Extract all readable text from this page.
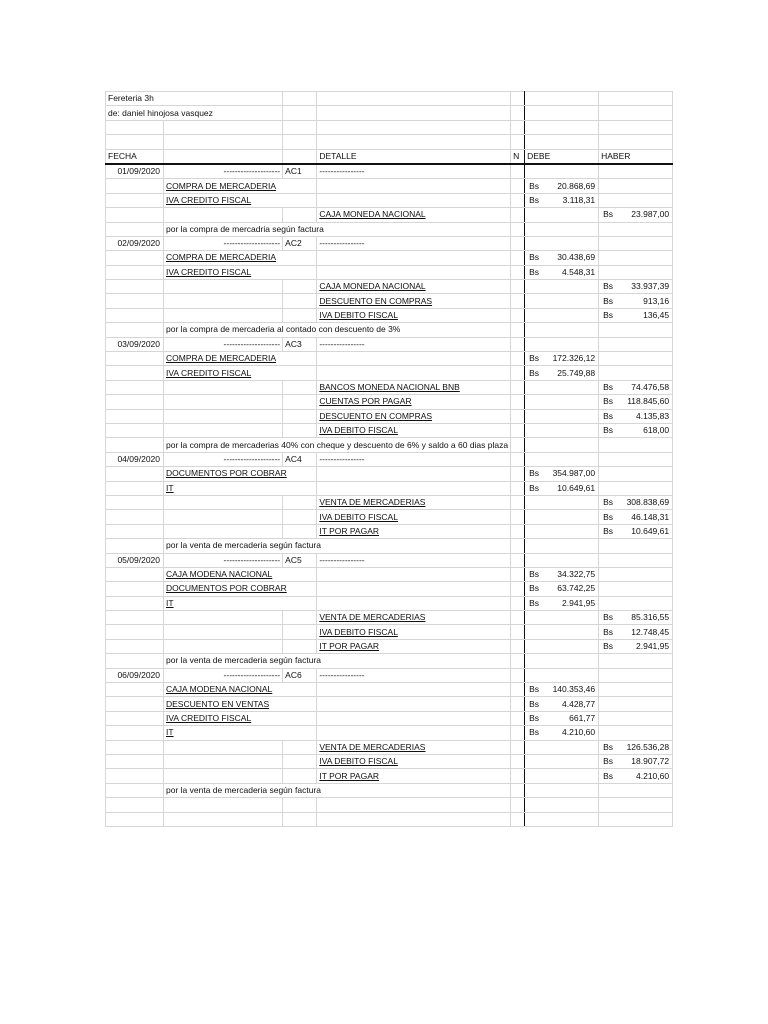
Fereteria 3h						
de: daniel hinojosa vasquez						

FECHA			DETALLE	N	DEBE	HABER
01/09/2020	--------------------	AC1	----------------			
	COMPRA DE MERCADERIA				Bs 20.868,69	
	IVA CREDITO FISCAL				Bs 3.118,31	
			CAJA MONEDA NACIONAL			Bs 23.987,00
	por la compra de mercadria según factura					
02/09/2020	--------------------	AC2	----------------			
	COMPRA DE MERCADERIA				Bs 30.438,69	
	IVA CREDITO FISCAL				Bs 4.548,31	
			CAJA MONEDA NACIONAL			Bs 33.937,39
			DESCUENTO EN COMPRAS			Bs 913,16
			IVA DEBITO FISCAL			Bs 136,45
	por la compra de mercaderia al contado con descuento de 3%					
03/09/2020	--------------------	AC3	----------------			
	COMPRA DE MERCADERIA				Bs 172.326,12	
	IVA CREDITO FISCAL				Bs 25.749,88	
			BANCOS MONEDA NACIONAL BNB			Bs 74.476,58
			CUENTAS POR PAGAR			Bs 118.845,60
			DESCUENTO EN COMPRAS			Bs 4.135,83
			IVA DEBITO FISCAL			Bs 618,00
	por la compra de mercaderias 40% con cheque y descuento de 6% y saldo a 60 dias plaza					
04/09/2020	--------------------	AC4	----------------			
	DOCUMENTOS POR COBRAR				Bs 354.987,00	
	IT				Bs 10.649,61	
			VENTA DE MERCADERIAS			Bs 308.838,69
			IVA DEBITO FISCAL			Bs 46.148,31
			IT POR PAGAR			Bs 10.649,61
	por la venta de mercaderia según factura					
05/09/2020	--------------------	AC5	----------------			
	CAJA MODENA NACIONAL				Bs 34.322,75	
	DOCUMENTOS POR COBRAR				Bs 63.742,25	
	IT				Bs 2.941,95	
			VENTA DE MERCADERIAS			Bs 85.316,55
			IVA DEBITO FISCAL			Bs 12.748,45
			IT POR PAGAR			Bs 2.941,95
	por la venta de mercaderia según factura					
06/09/2020	--------------------	AC6	----------------			
	CAJA MODENA NACIONAL				Bs 140.353,46	
	DESCUENTO EN VENTAS				Bs 4.428,77	
	IVA CREDITO FISCAL				Bs 661,77	
	IT				Bs 4.210,60	
			VENTA DE MERCADERIAS			Bs 126.536,28
			IVA DEBITO FISCAL			Bs 18.907,72
			IT POR PAGAR			Bs 4.210,60
	por la venta de mercaderia según factura					
